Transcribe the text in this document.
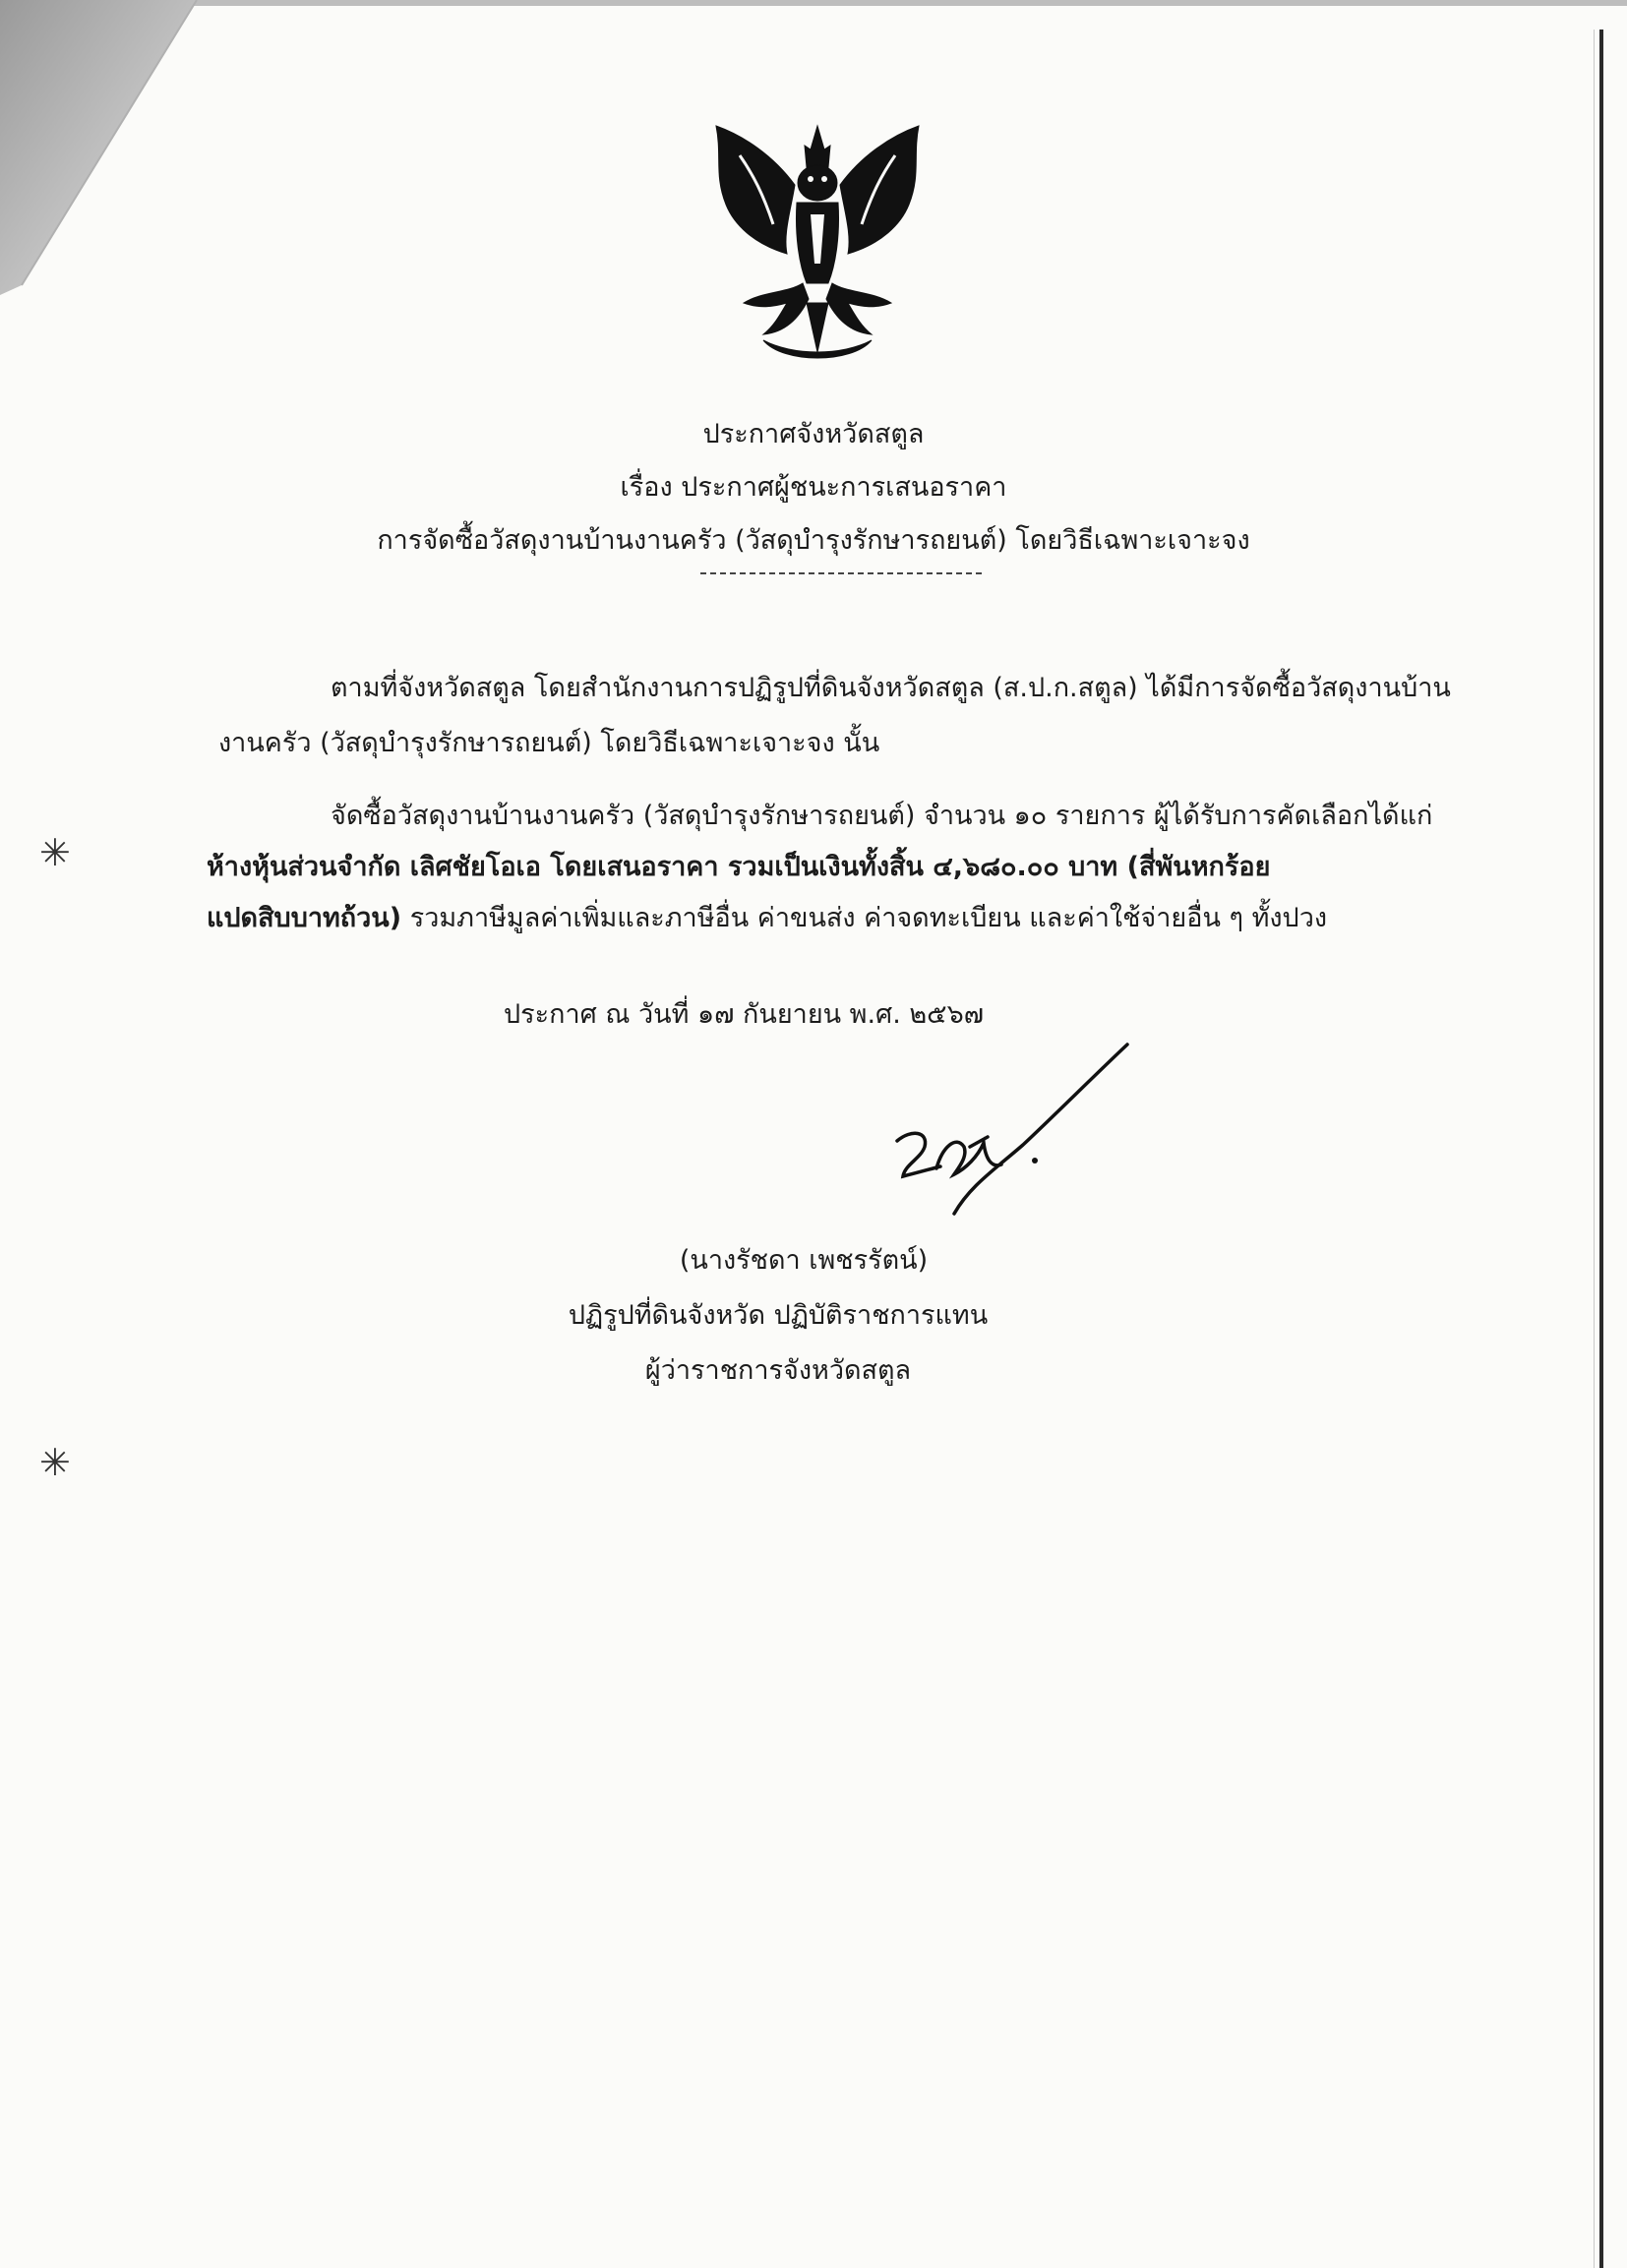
✳
✳
ประกาศจังหวัดสตูล
เรื่อง ประกาศผู้ชนะการเสนอราคา
การจัดซื้อวัสดุงานบ้านงานครัว (วัสดุบำรุงรักษารถยนต์) โดยวิธีเฉพาะเจาะจง
ตามที่จังหวัดสตูล โดยสำนักงานการปฏิรูปที่ดินจังหวัดสตูล (ส.ป.ก.สตูล) ได้มีการจัดซื้อวัสดุงานบ้าน
งานครัว (วัสดุบำรุงรักษารถยนต์) โดยวิธีเฉพาะเจาะจง นั้น
จัดซื้อวัสดุงานบ้านงานครัว (วัสดุบำรุงรักษารถยนต์) จำนวน ๑๐ รายการ ผู้ได้รับการคัดเลือกได้แก่
ห้างหุ้นส่วนจำกัด เลิศชัยโอเอ โดยเสนอราคา รวมเป็นเงินทั้งสิ้น ๔,๖๘๐.๐๐ บาท (สี่พันหกร้อย
แปดสิบบาทถ้วน) รวมภาษีมูลค่าเพิ่มและภาษีอื่น ค่าขนส่ง ค่าจดทะเบียน และค่าใช้จ่ายอื่น ๆ ทั้งปวง
ประกาศ ณ วันที่ ๑๗ กันยายน พ.ศ. ๒๕๖๗
(นางรัชดา เพชรรัตน์)
ปฏิรูปที่ดินจังหวัด ปฏิบัติราชการแทน
ผู้ว่าราชการจังหวัดสตูล
